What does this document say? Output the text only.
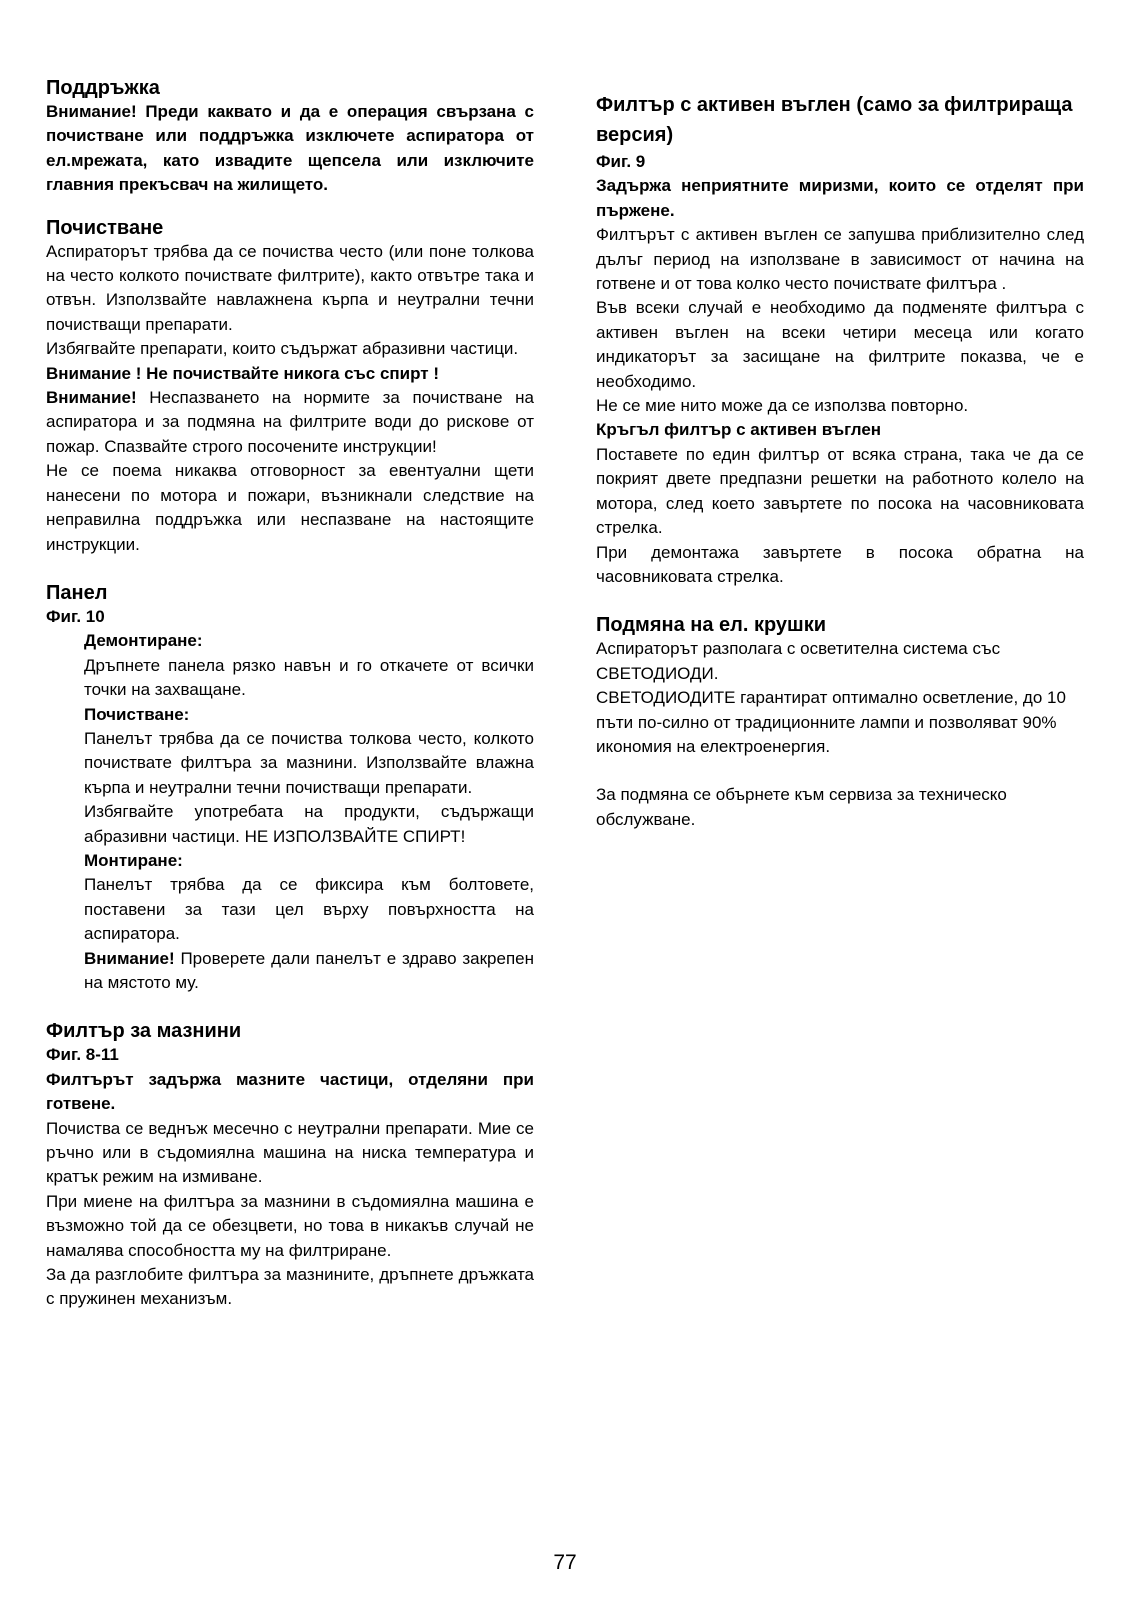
Поддръжка

Внимание! Преди каквато и да е операция свързана с почистване или поддръжка изключете аспиратора от ел.мрежата, като извадите щепсела или изключите главния прекъсвач на жилището.

Почистване

Аспираторът трябва да се почиства често (или поне толкова на често колкото почиствате филтрите), както отвътре така и отвън. Използвайте навлажнена кърпа и неутрални течни почистващи препарати.

Избягвайте препарати, които съдържат абразивни частици.

Внимание ! Не почиствайте никога със спирт !

Внимание! Неспазването на нормите за почистване на аспиратора и за подмяна на филтрите води до рискове от пожар. Спазвайте строго посочените инструкции!

Не се поема никаква отговорност за евентуални щети нанесени по мотора и пожари, възникнали следствие на неправилна поддръжка или неспазване на настоящите инструкции.

Панел

Фиг. 10

Демонтиране:

Дръпнете панела рязко навън и го откачете от всички точки на захващане.

Почистване:

Панелът трябва да се почиства толкова често, колкото почиствате филтъра за мазнини. Използвайте влажна кърпа и неутрални течни почистващи препарати.

Избягвайте употребата на продукти, съдържащи абразивни частици. НЕ ИЗПОЛЗВАЙТЕ СПИРТ!

Монтиране:

Панелът трябва да се фиксира към болтовете, поставени за тази цел върху повърхността на аспиратора.

Внимание! Проверете дали панелът е здраво закрепен на мястото му.

Филтър за мазнини

Фиг. 8-11

Филтърът задържа мазните частици, отделяни при готвене.

Почиства се веднъж месечно с неутрални препарати. Мие се ръчно или в съдомиялна машина на ниска температура и кратък режим на измиване.

При миене на филтъра за мазнини в съдомиялна машина е възможно той да се обезцвети, но това в никакъв случай не намалява способността му на филтриране.

За да разглобите филтъра за мазнините, дръпнете дръжката с пружинен механизъм.

Филтър с активен въглен (само за филтрираща версия)

Фиг. 9

Задържа неприятните миризми, които се отделят при пържене.

Филтърът с активен въглен се запушва приблизително след дълъг период на използване в зависимост от начина на готвене и от това колко често почиствате филтъра .

Във всеки случай е необходимо да подменяте филтъра с активен въглен на всеки четири месеца или когато индикаторът за засищане на филтрите показва, че е необходимо.

Не се мие нито може да се използва повторно.

Кръгъл филтър с активен въглен

Поставете по един филтър от всяка страна, така че да се покрият двете предпазни решетки на работното колело на мотора, след което завъртете по посока на часовниковата стрелка.

При демонтажа завъртете в посока обратна на часовниковата стрелка.

Подмяна на ел. крушки

Аспираторът разполага с осветителна система със СВЕТОДИОДИ.

СВЕТОДИОДИТЕ гарантират оптимално осветление, до 10 пъти по-силно от традиционните лампи и позволяват 90% икономия на електроенергия.

За подмяна се обърнете към сервиза за техническо обслужване.

77
